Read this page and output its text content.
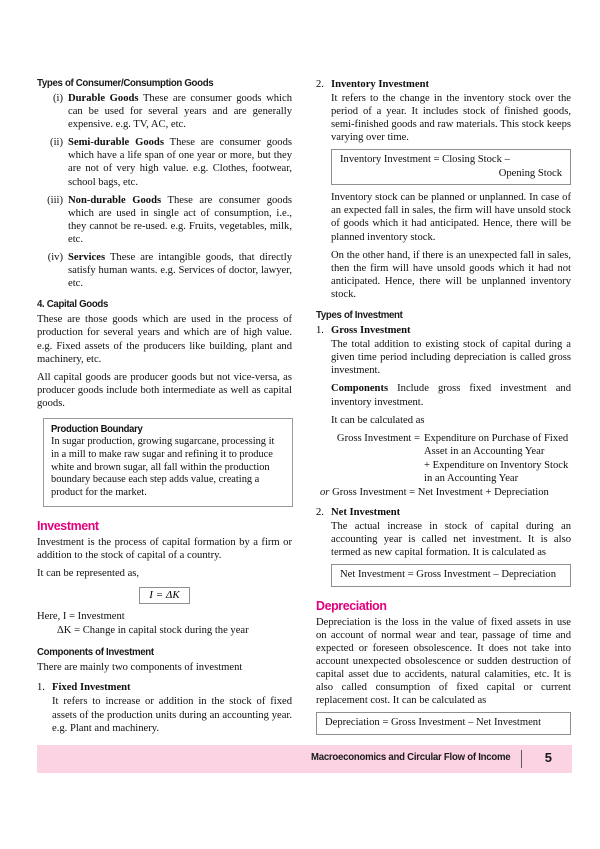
Types of Consumer/Consumption Goods
(i) Durable Goods These are consumer goods which can be used for several years and are generally expensive. e.g. TV, AC, etc.
(ii) Semi-durable Goods These are consumer goods which have a life span of one year or more, but they are not of very high value. e.g. Clothes, footwear, school bags, etc.
(iii) Non-durable Goods These are consumer goods which are used in single act of consumption, i.e., they cannot be re-used. e.g. Fruits, vegetables, milk, etc.
(iv) Services These are intangible goods, that directly satisfy human wants. e.g. Services of doctor, lawyer, etc.
4. Capital Goods

These are those goods which are used in the process of production for several years and which are of high value. e.g. Fixed assets of the producers like building, plant and machinery, etc.

All capital goods are producer goods but not vice-versa, as producer goods include both intermediate as well as capital goods.

Production Boundary
In sugar production, growing sugarcane, processing it in a mill to make raw sugar and refining it to produce white and brown sugar, all fall within the production boundary because each step adds value, creating a product for the market.
Investment

Investment is the process of capital formation by a firm or addition to the stock of capital of a country.

It can be represented as,

I = ΔK
Here, I = Investment
ΔK = Change in capital stock during the year
Components of Investment

There are mainly two components of investment

1. Fixed Investment

It refers to increase or addition in the stock of fixed assets of the production units during an accounting year. e.g. Plant and machinery.

2. Inventory Investment

It refers to the change in the inventory stock over the period of a year. It includes stock of finished goods, semi-finished goods and raw materials. This stock keeps varying over time.

Inventory Investment = Closing Stock –
Opening Stock

Inventory stock can be planned or unplanned. In case of an expected fall in sales, the firm will have unsold stock of goods which it had anticipated. Hence, there will be planned inventory stock.

On the other hand, if there is an unexpected fall in sales, then the firm will have unsold goods which it had not anticipated. Hence, there will be unplanned inventory stock.

Types of Investment
1. Gross Investment

The total addition to existing stock of capital during a given time period including depreciation is called gross investment.

Components Include gross fixed investment and inventory investment.

It can be calculated as

Gross Investment = Expenditure on Purchase of Fixed
Asset in an Accounting Year
+ Expenditure on Inventory Stock
in an Accounting Year
or Gross Investment = Net Investment + Depreciation
2. Net Investment

The actual increase in stock of capital during an accounting year is called net investment. It is also termed as new capital formation. It is calculated as

Net Investment = Gross Investment – Depreciation
Depreciation

Depreciation is the loss in the value of fixed assets in use on account of normal wear and tear, passage of time and expected or foreseen obsolescence. It does not take into account unexpected obsolescence or sudden destruction of capital asset due to accidents, natural calamities, etc. It is also called consumption of fixed capital or current replacement cost. It can be calculated as

Depreciation = Gross Investment – Net Investment
Macroeconomics and Circular Flow of Income	5
